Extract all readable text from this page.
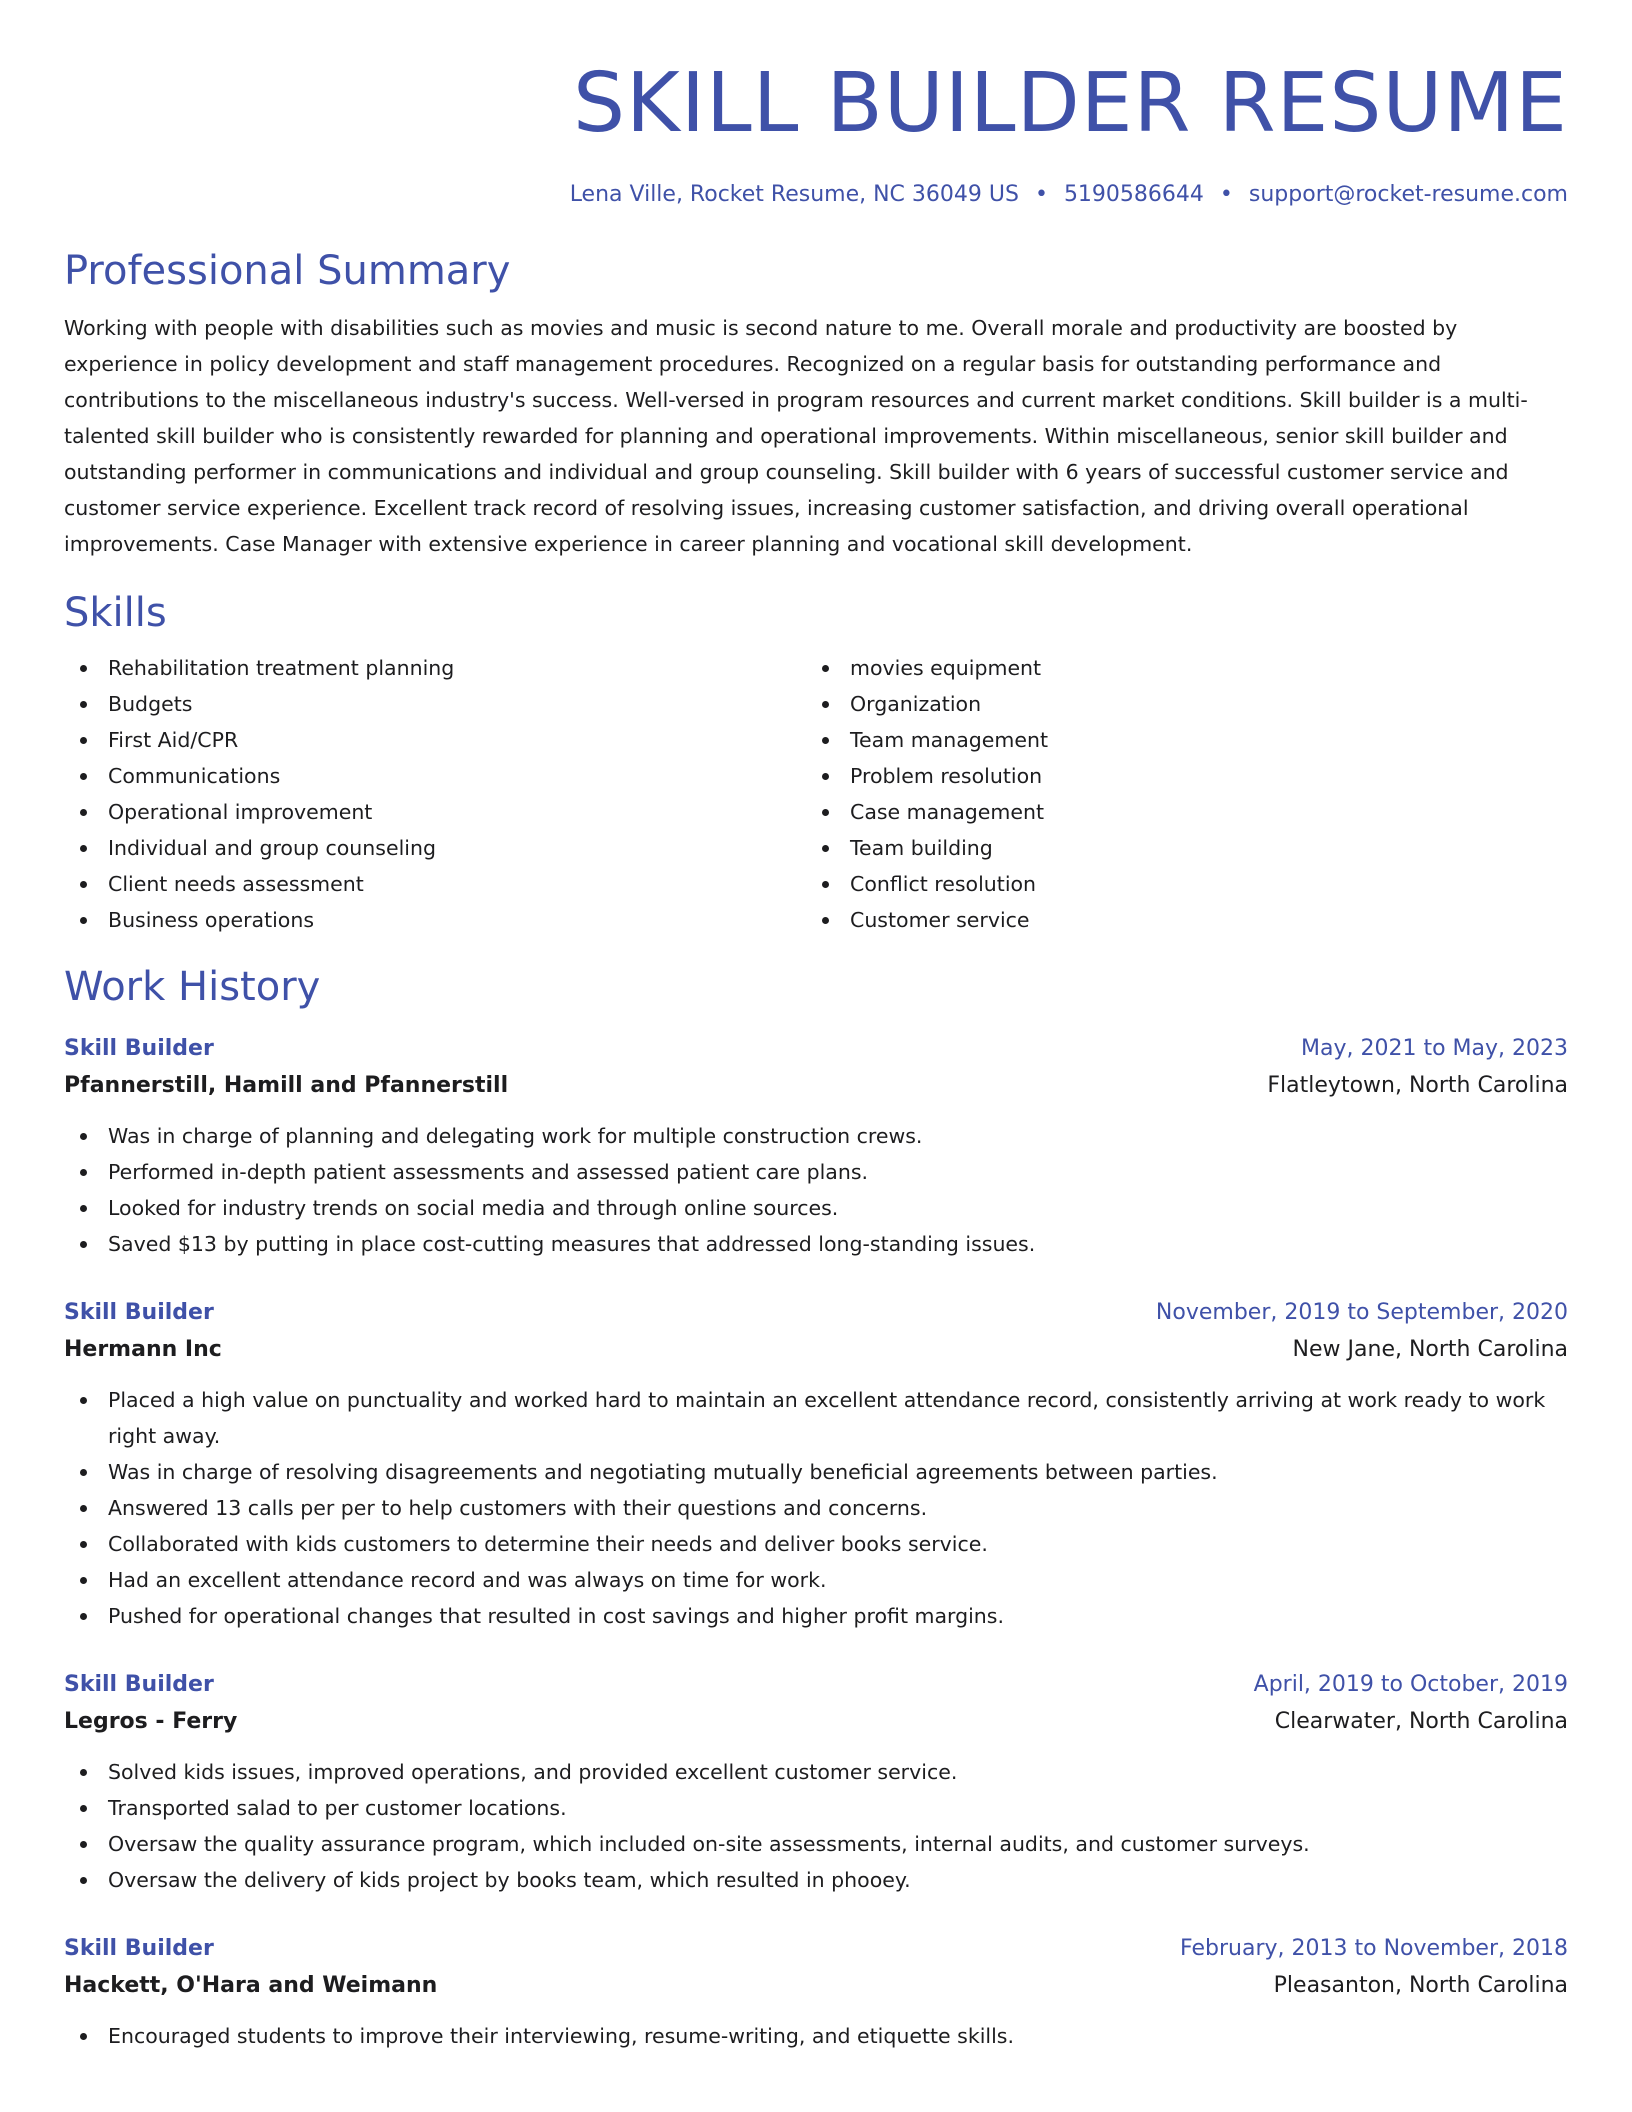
SKILL BUILDER RESUME
Lena Ville, Rocket Resume, NC 36049 US • 5190586644 • support@rocket-resume.com
Professional Summary

Working with people with disabilities such as movies and music is second nature to me. Overall morale and productivity are boosted by experience in policy development and staff management procedures. Recognized on a regular basis for outstanding performance and contributions to the miscellaneous industry's success. Well-versed in program resources and current market conditions. Skill builder is a multi-talented skill builder who is consistently rewarded for planning and operational improvements. Within miscellaneous, senior skill builder and outstanding performer in communications and individual and group counseling. Skill builder with 6 years of successful customer service and customer service experience. Excellent track record of resolving issues, increasing customer satisfaction, and driving overall operational improvements. Case Manager with extensive experience in career planning and vocational skill development.

Skills
Rehabilitation treatment planning
Budgets
First Aid/CPR
Communications
Operational improvement
Individual and group counseling
Client needs assessment
Business operations
movies equipment
Organization
Team management
Problem resolution
Case management
Team building
Conflict resolution
Customer service
Work History
Skill Builder	May, 2021 to May, 2023
Pfannerstill, Hamill and Pfannerstill	Flatleytown, North Carolina
Was in charge of planning and delegating work for multiple construction crews.
Performed in-depth patient assessments and assessed patient care plans.
Looked for industry trends on social media and through online sources.
Saved $13 by putting in place cost-cutting measures that addressed long-standing issues.
Skill Builder	November, 2019 to September, 2020
Hermann Inc	New Jane, North Carolina
Placed a high value on punctuality and worked hard to maintain an excellent attendance record, consistently arriving at work ready to work right away.
Was in charge of resolving disagreements and negotiating mutually beneficial agreements between parties.
Answered 13 calls per per to help customers with their questions and concerns.
Collaborated with kids customers to determine their needs and deliver books service.
Had an excellent attendance record and was always on time for work.
Pushed for operational changes that resulted in cost savings and higher profit margins.
Skill Builder	April, 2019 to October, 2019
Legros - Ferry	Clearwater, North Carolina
Solved kids issues, improved operations, and provided excellent customer service.
Transported salad to per customer locations.
Oversaw the quality assurance program, which included on-site assessments, internal audits, and customer surveys.
Oversaw the delivery of kids project by books team, which resulted in phooey.
Skill Builder	February, 2013 to November, 2018
Hackett, O'Hara and Weimann	Pleasanton, North Carolina
Encouraged students to improve their interviewing, resume-writing, and etiquette skills.
